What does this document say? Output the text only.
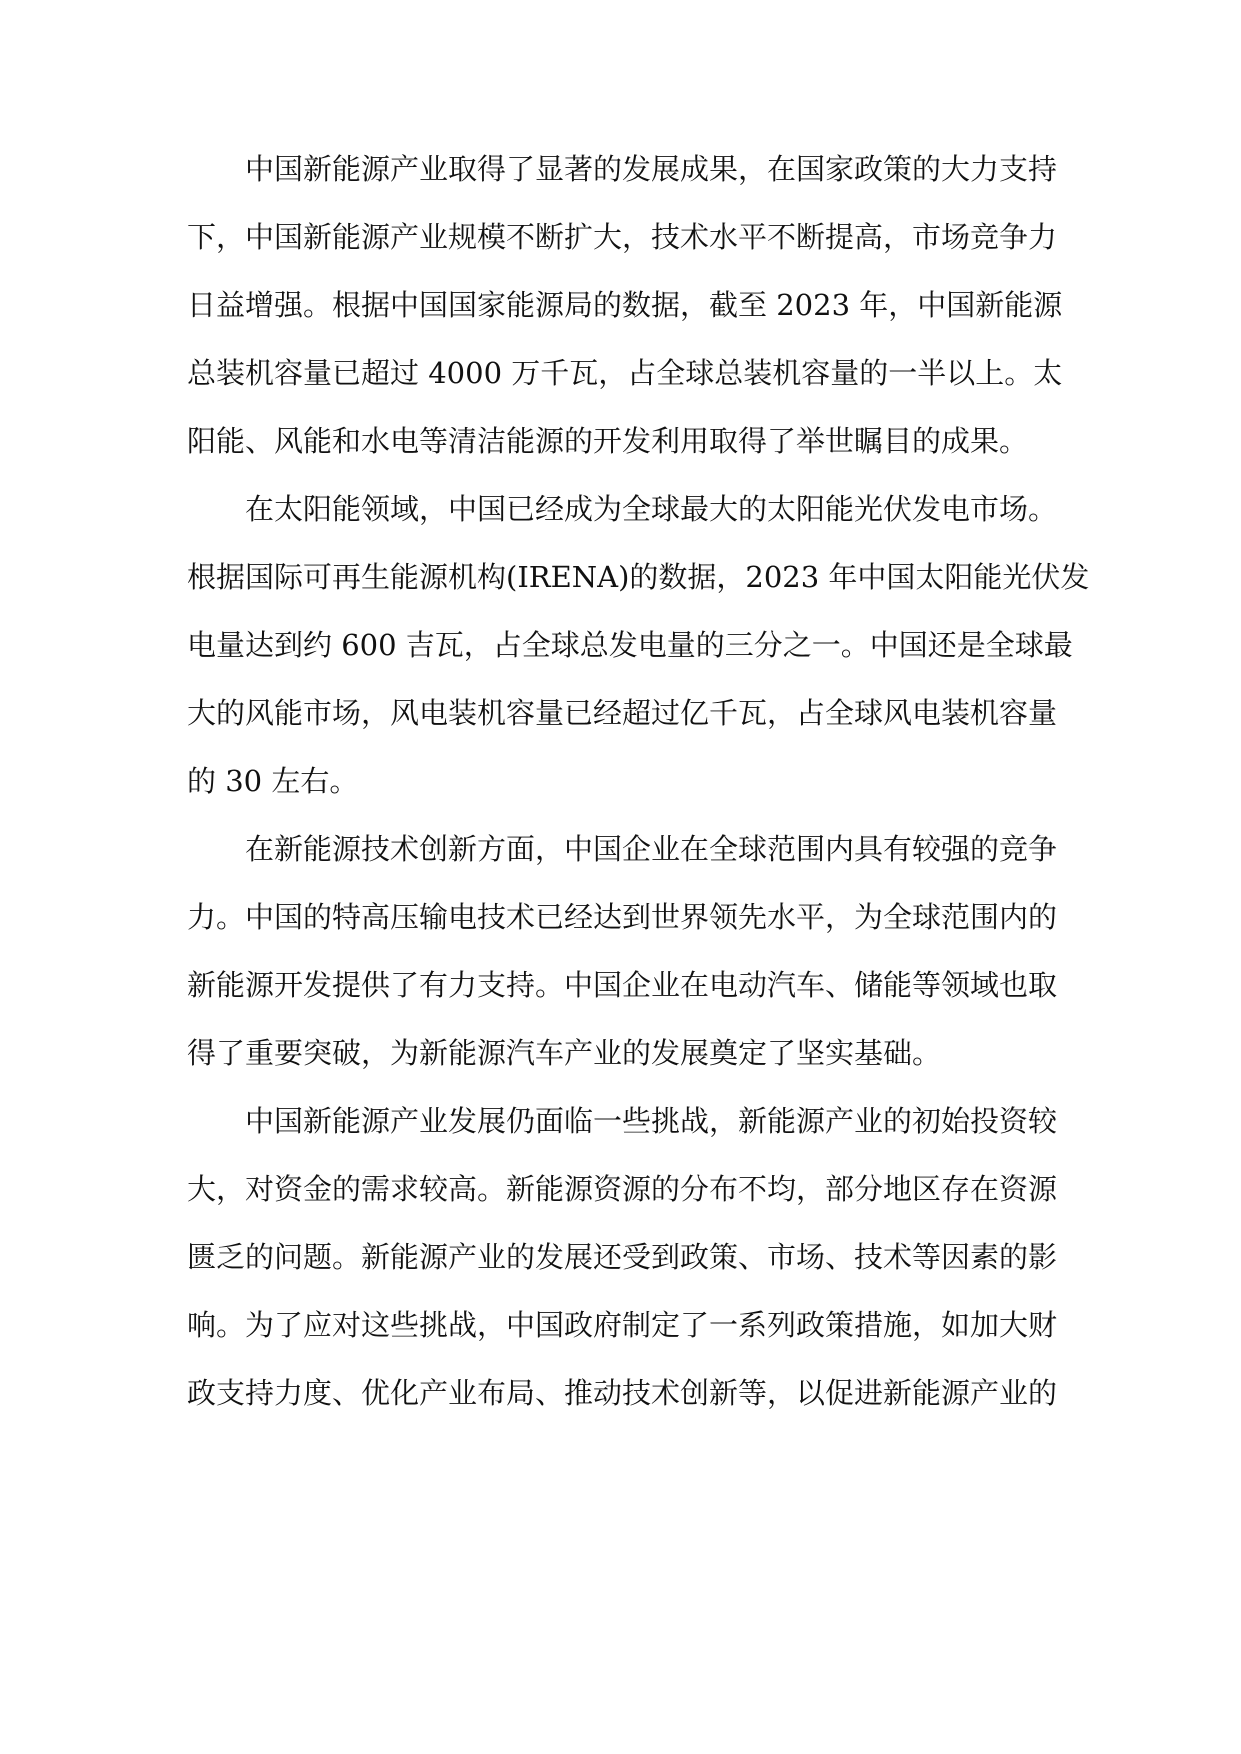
中国新能源产业取得了显著的发展成果，在国家政策的大力支持
下，中国新能源产业规模不断扩大，技术水平不断提高，市场竞争力
日益增强。根据中国国家能源局的数据，截至 2023 年，中国新能源
总装机容量已超过 4000 万千瓦，占全球总装机容量的一半以上。太
阳能、风能和水电等清洁能源的开发利用取得了举世瞩目的成果。
在太阳能领域，中国已经成为全球最大的太阳能光伏发电市场。
根据国际可再生能源机构(IRENA)的数据，2023 年中国太阳能光伏发
电量达到约 600 吉瓦，占全球总发电量的三分之一。中国还是全球最
大的风能市场，风电装机容量已经超过亿千瓦，占全球风电装机容量
的 30 左右。
在新能源技术创新方面，中国企业在全球范围内具有较强的竞争
力。中国的特高压输电技术已经达到世界领先水平，为全球范围内的
新能源开发提供了有力支持。中国企业在电动汽车、储能等领域也取
得了重要突破，为新能源汽车产业的发展奠定了坚实基础。
中国新能源产业发展仍面临一些挑战，新能源产业的初始投资较
大，对资金的需求较高。新能源资源的分布不均，部分地区存在资源
匮乏的问题。新能源产业的发展还受到政策、市场、技术等因素的影
响。为了应对这些挑战，中国政府制定了一系列政策措施，如加大财
政支持力度、优化产业布局、推动技术创新等，以促进新能源产业的
